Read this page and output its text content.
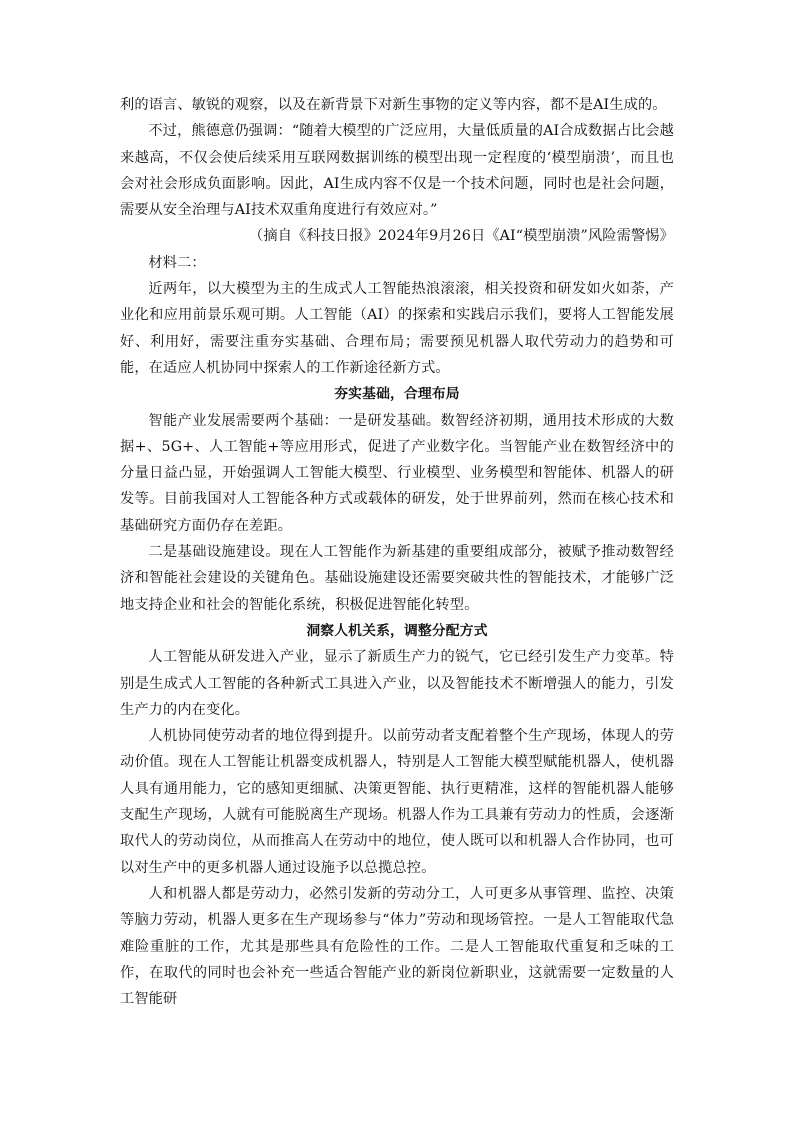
利的语言、敏锐的观察，以及在新背景下对新生事物的定义等内容，都不是AI生成的。

不过，熊德意仍强调：“随着大模型的广泛应用，大量低质量的AI合成数据占比会越来越高，不仅会使后续采用互联网数据训练的模型出现一定程度的‘模型崩溃’，而且也会对社会形成负面影响。因此，AI生成内容不仅是一个技术问题，同时也是社会问题，需要从安全治理与AI技术双重角度进行有效应对。”

（摘自《科技日报》2024年9月26日《AI“模型崩溃”风险需警惕》

材料二：

近两年，以大模型为主的生成式人工智能热浪滚滚，相关投资和研发如火如荼，产业化和应用前景乐观可期。人工智能（AI）的探索和实践启示我们，要将人工智能发展好、利用好，需要注重夯实基础、合理布局；需要预见机器人取代劳动力的趋势和可能，在适应人机协同中探索人的工作新途径新方式。

夯实基础，合理布局

智能产业发展需要两个基础：一是研发基础。数智经济初期，通用技术形成的大数据+、5G+、人工智能+等应用形式，促进了产业数字化。当智能产业在数智经济中的分量日益凸显，开始强调人工智能大模型、行业模型、业务模型和智能体、机器人的研发等。目前我国对人工智能各种方式或载体的研发，处于世界前列，然而在核心技术和基础研究方面仍存在差距。

二是基础设施建设。现在人工智能作为新基建的重要组成部分，被赋予推动数智经济和智能社会建设的关键角色。基础设施建设还需要突破共性的智能技术，才能够广泛地支持企业和社会的智能化系统，积极促进智能化转型。

洞察人机关系，调整分配方式

人工智能从研发进入产业，显示了新质生产力的锐气，它已经引发生产力变革。特别是生成式人工智能的各种新式工具进入产业，以及智能技术不断增强人的能力，引发生产力的内在变化。

人机协同使劳动者的地位得到提升。以前劳动者支配着整个生产现场，体现人的劳动价值。现在人工智能让机器变成机器人，特别是人工智能大模型赋能机器人，使机器人具有通用能力，它的感知更细腻、决策更智能、执行更精准，这样的智能机器人能够支配生产现场，人就有可能脱离生产现场。机器人作为工具兼有劳动力的性质，会逐渐取代人的劳动岗位，从而推高人在劳动中的地位，使人既可以和机器人合作协同，也可以对生产中的更多机器人通过设施予以总揽总控。

人和机器人都是劳动力，必然引发新的劳动分工，人可更多从事管理、监控、决策等脑力劳动，机器人更多在生产现场参与“体力”劳动和现场管控。一是人工智能取代急难险重脏的工作，尤其是那些具有危险性的工作。二是人工智能取代重复和乏味的工作，在取代的同时也会补充一些适合智能产业的新岗位新职业，这就需要一定数量的人工智能研
